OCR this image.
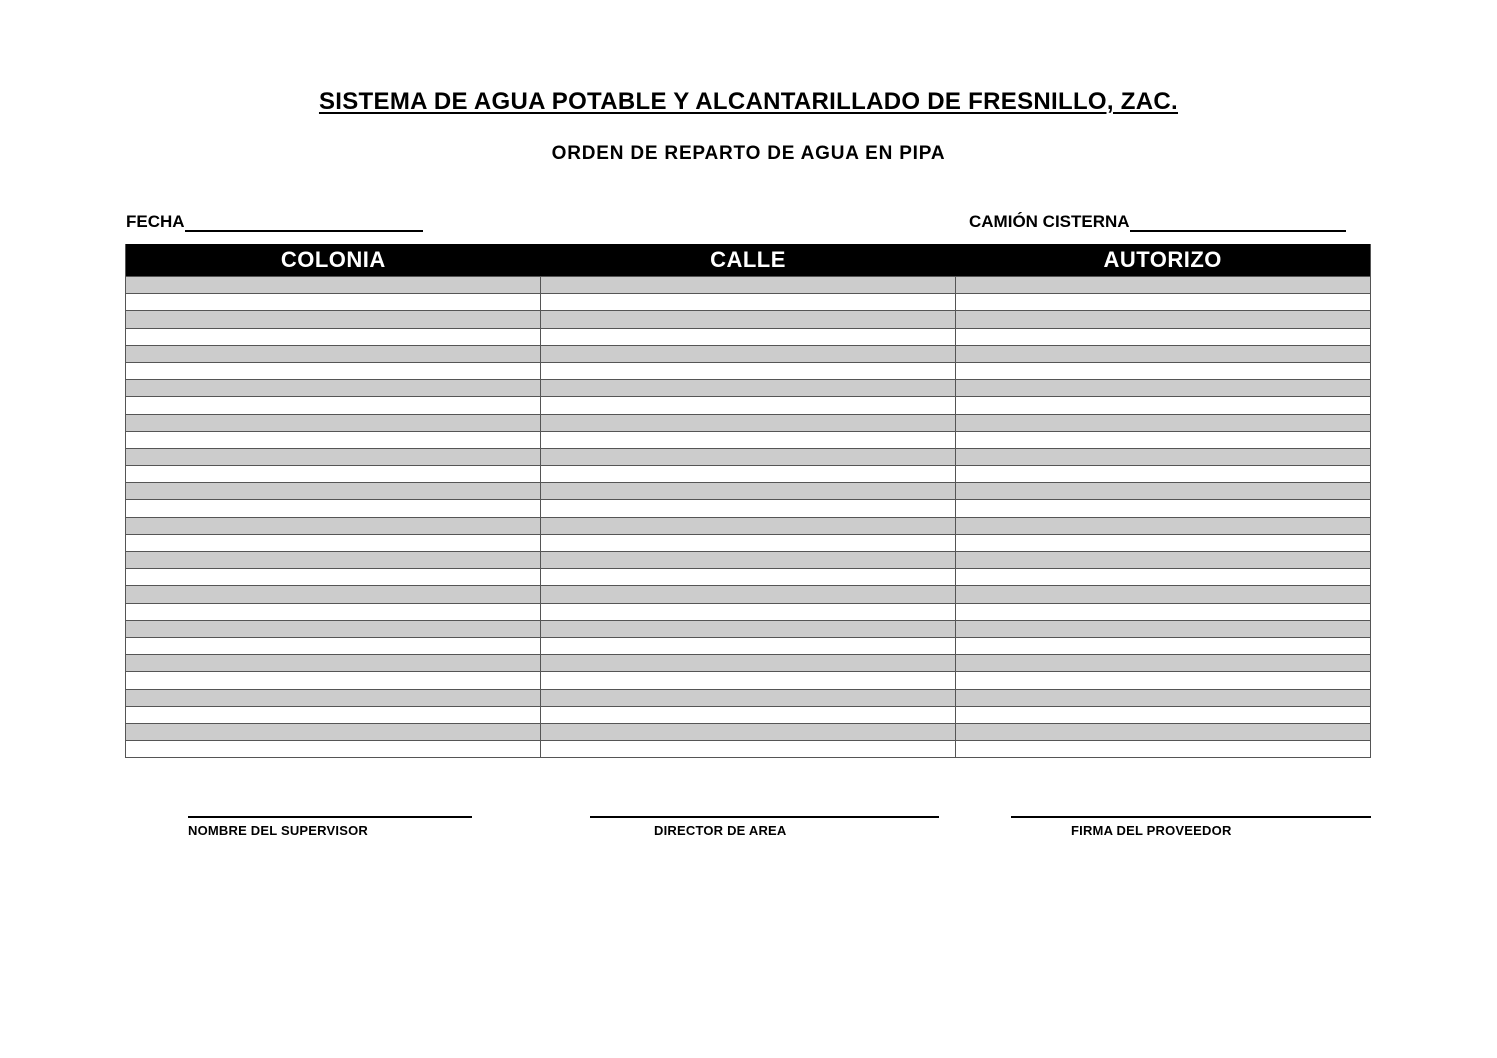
SISTEMA DE AGUA POTABLE Y ALCANTARILLADO DE FRESNILLO, ZAC.
ORDEN DE REPARTO DE AGUA EN PIPA
FECHA	CAMIÓN CISTERNA
COLONIA	CALLE	AUTORIZO
NOMBRE DEL SUPERVISOR	DIRECTOR DE AREA	FIRMA DEL PROVEEDOR
